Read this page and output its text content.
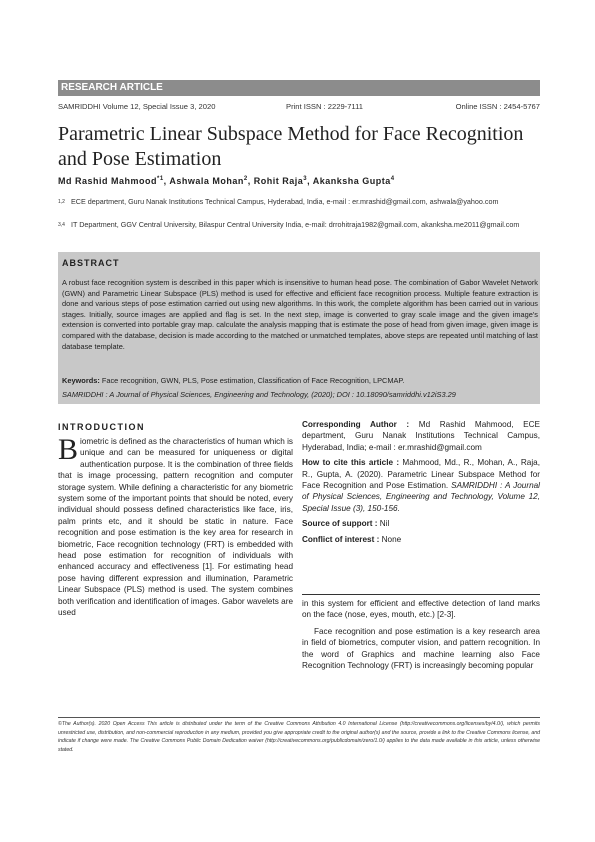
RESEARCH ARTICLE
SAMRIDDHI Volume 12, Special Issue 3, 2020	Print ISSN : 2229-7111	Online ISSN : 2454-5767
Parametric Linear Subspace Method for Face Recognition and Pose Estimation
Md Rashid Mahmood$^{*1}$, Ashwala Mohan$^2$, Rohit Raja$^3$, Akanksha Gupta$^4$
$^{1,2}$ ECE department, Guru Nanak Institutions Technical Campus, Hyderabad, India, e-mail : er.mrashid@gmail.com, ashwala@yahoo.com
$^{3,4}$ IT Department, GGV Central University, Bilaspur Central University India, e-mail: drrohitraja1982@gmail.com, akanksha.me2011@gmail.com
ABSTRACT
A robust face recognition system is described in this paper which is insensitive to human head pose. The combination of Gabor Wavelet Network (GWN) and Parametric Linear Subspace (PLS) method is used for effective and efficient face recognition process. Multiple feature extraction is done and various steps of pose estimation carried out using new algorithms. In this work, the complete algorithm has been carried out in various stages. Initially, source images are applied and flag is set. In the next step, image is converted to gray scale image and the given image's extension is converted into portable gray map. calculate the analysis mapping that is estimate the pose of head from given image, given image is compared with the database, decision is made according to the matched or unmatched templates, above steps are repeated until matching of last database template.
Keywords: Face recognition, GWN, PLS, Pose estimation, Classification of Face Recognition, LPCMAP.
SAMRIDDHI : A Journal of Physical Sciences, Engineering and Technology, (2020); DOI : 10.18090/samriddhi.v12iS3.29
INTRODUCTION
Biometric is defined as the characteristics of human which is unique and can be measured for uniqueness or digital authentication purpose. It is the combination of three fields that is image processing, pattern recognition and computer storage system. While defining a characteristic for any biometric system some of the important points that should be noted, every individual should possess defined characteristics like face, iris, palm prints etc, and it should be static in nature. Face recognition and pose estimation is the key area for research in biometric, Face recognition technology (FRT) is embedded with head pose estimation for recognition of individuals with enhanced accuracy and effectiveness [1]. For estimating head pose having different expression and illumination, Parametric Linear Subspace (PLS) method is used. The system combines both verification and identification of images. Gabor wavelets are used
Corresponding Author : Md Rashid Mahmood, ECE department, Guru Nanak Institutions Technical Campus, Hyderabad, India; e-mail : er.mrashid@gmail.com
How to cite this article : Mahmood, Md., R., Mohan, A., Raja, R., Gupta, A. (2020). Parametric Linear Subspace Method for Face Recognition and Pose Estimation. SAMRIDDHI : A Journal of Physical Sciences, Engineering and Technology, Volume 12, Special Issue (3), 150-156.
Source of support : Nil
Conflict of interest : None

in this system for efficient and effective detection of land marks on the face (nose, eyes, mouth, etc.) [2-3].

Face recognition and pose estimation is a key research area in field of biometrics, computer vision, and pattern recognition. In the word of Graphics and machine learning also Face Recognition Technology (FRT) is increasingly becoming popular

©The Author(s). 2020 Open Access This article is distributed under the term of the Creative Commons Attribution 4.0 International License (http://creativecommons.org/licenses/by/4.0/), which permits unrestricted use, distribution, and non-commercial reproduction in any medium, provided you give appropriate credit to the original author(s) and the source, provide a link to the Creative Commons license, and indicate if change were made. The Creative Commons Public Domain Dedication waiver (http://creativecommons.org/publicdomain/zero/1.0/) applies to the data made available in this article, unless otherwise stated.
